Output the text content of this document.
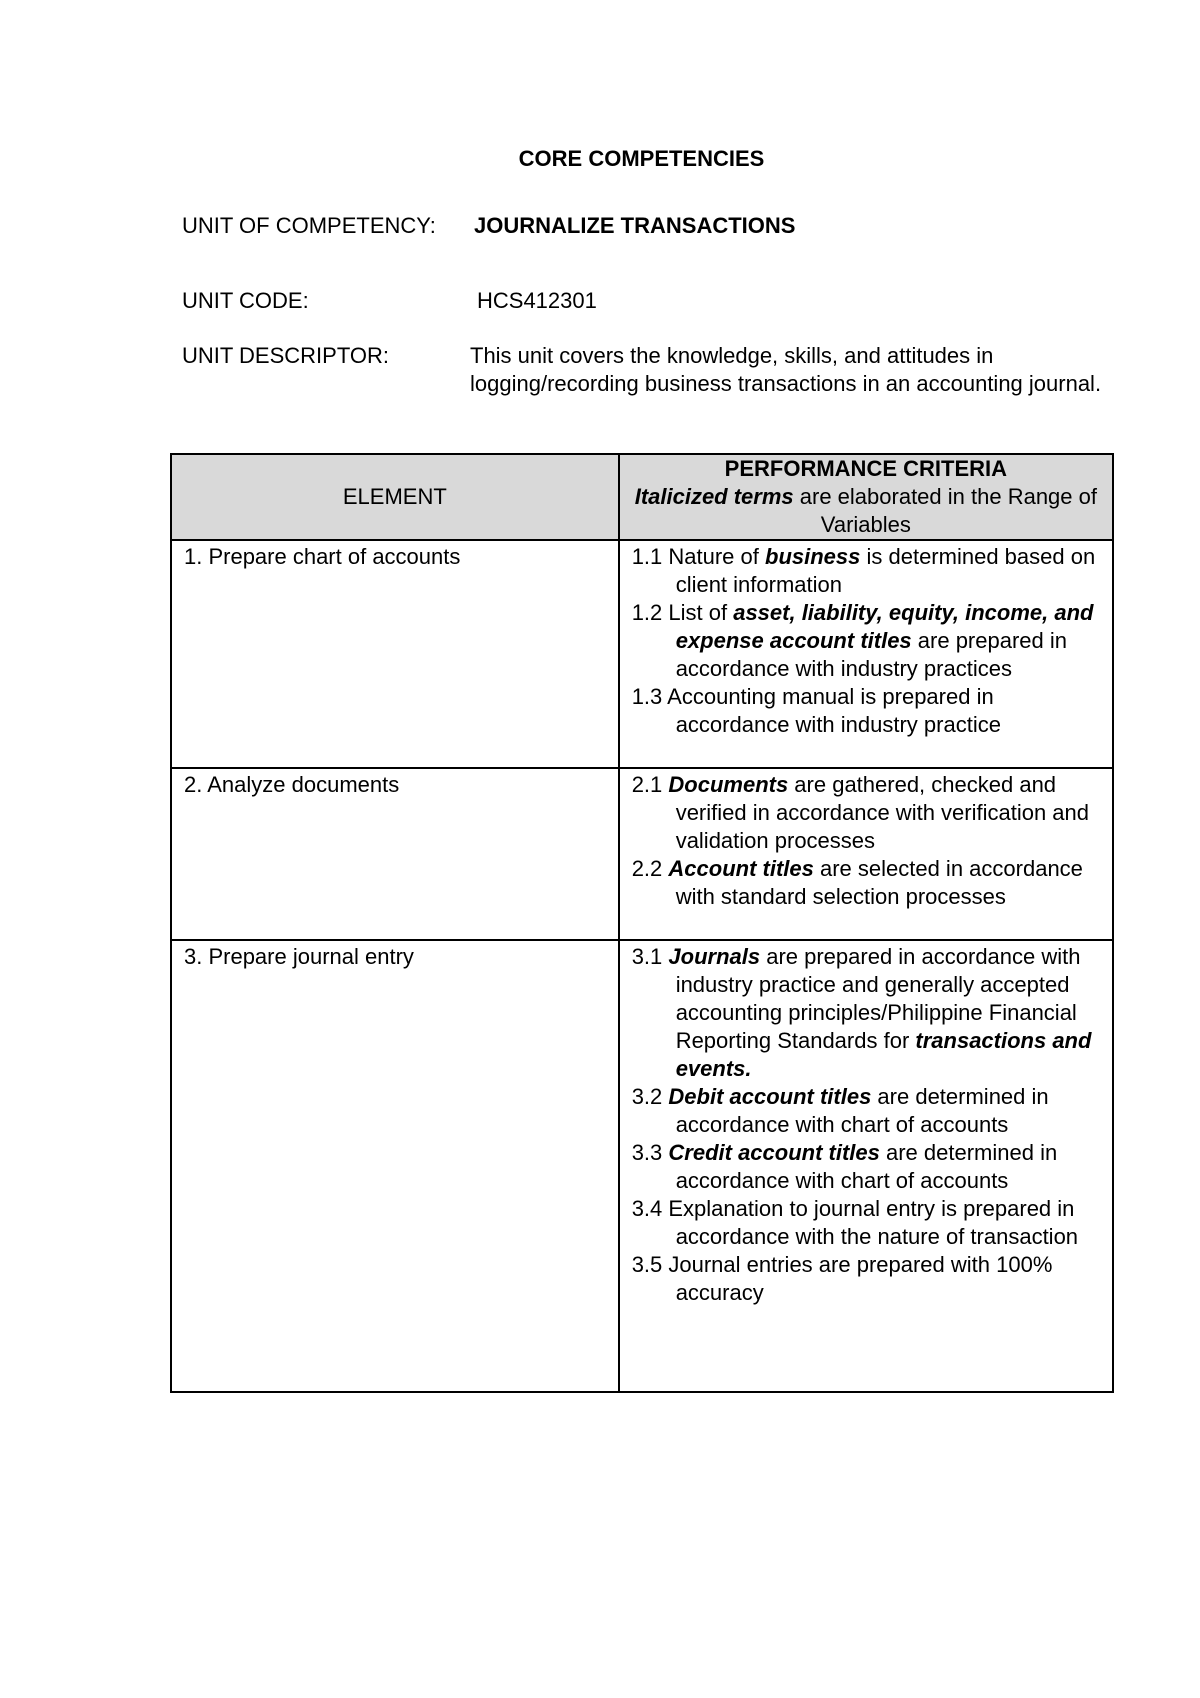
CORE COMPETENCIES
UNIT OF COMPETENCY: JOURNALIZE TRANSACTIONS
UNIT CODE:	HCS412301
UNIT DESCRIPTOR:	This unit covers the knowledge, skills, and attitudes in logging/recording business transactions in an accounting journal.
ELEMENT	PERFORMANCE CRITERIA
Italicized terms are elaborated in the Range of Variables

1. Prepare chart of accounts	1.1 Nature of business is determined based on client information

1.2 List of asset, liability, equity, income, and expense account titles are prepared in accordance with industry practices

1.3 Accounting manual is prepared in accordance with industry practice

2. Analyze documents	2.1 Documents are gathered, checked and verified in accordance with verification and validation processes

2.2 Account titles are selected in accordance with standard selection processes

3. Prepare journal entry	3.1 Journals are prepared in accordance with industry practice and generally accepted accounting principles/Philippine Financial Reporting Standards for transactions and events.

3.2 Debit account titles are determined in accordance with chart of accounts

3.3 Credit account titles are determined in accordance with chart of accounts

3.4 Explanation to journal entry is prepared in accordance with the nature of transaction

3.5 Journal entries are prepared with 100% accuracy
